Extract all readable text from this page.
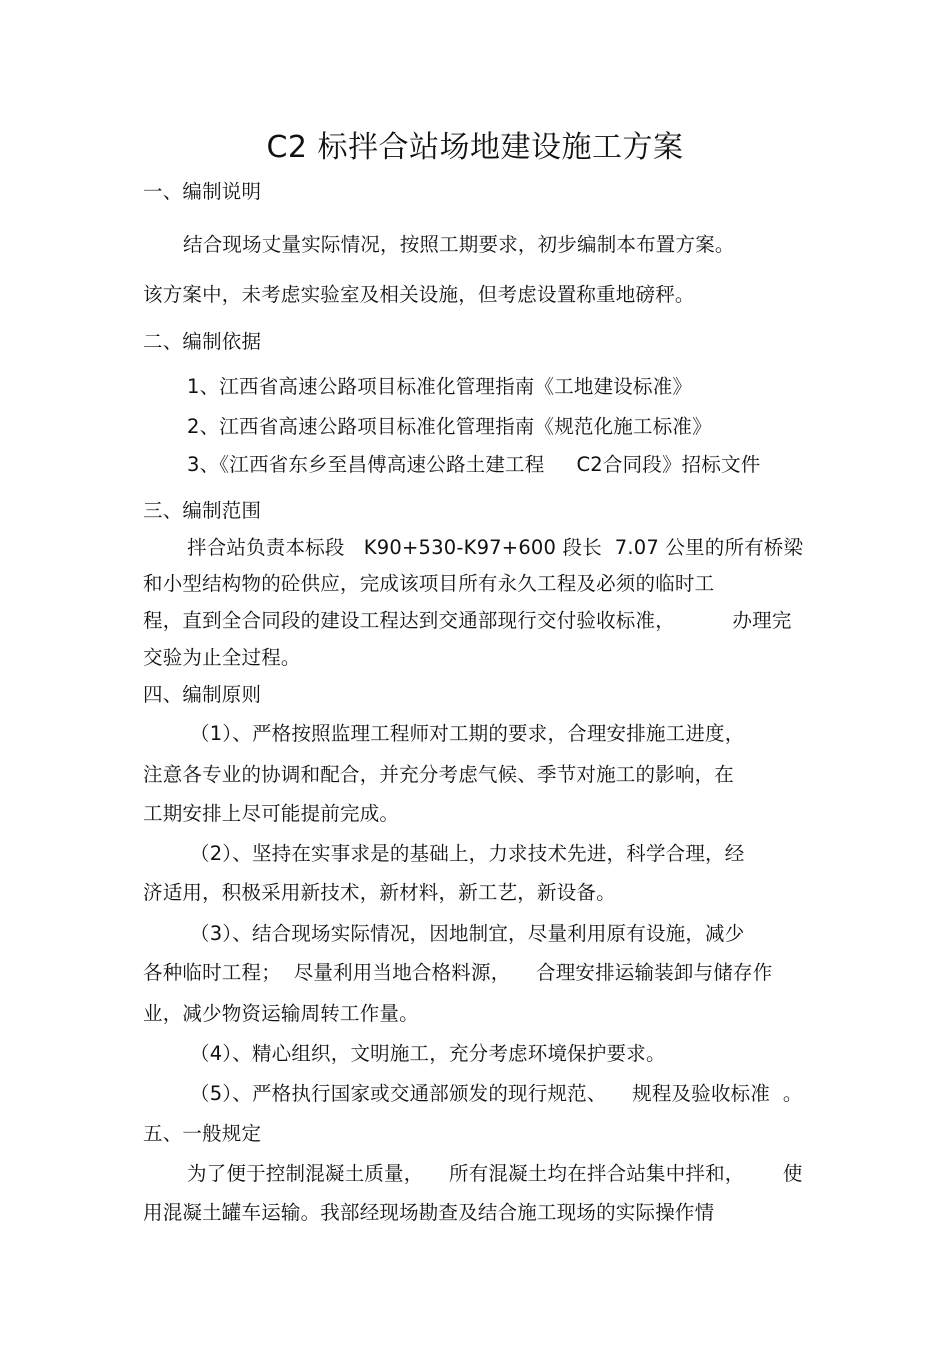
C2 标拌合站场地建设施工方案
一、编制说明
结合现场丈量实际情况，按照工期要求，初步编制本布置方案。
该方案中，未考虑实验室及相关设施，但考虑设置称重地磅秤。
二、编制依据
1、江西省高速公路项目标准化管理指南《工地建设标准》
2、江西省高速公路项目标准化管理指南《规范化施工标准》
3、《江西省东乡至昌傅高速公路土建工程     C2合同段》招标文件
三、编制范围
拌合站负责本标段   K90+530-K97+600 段长  7.07 公里的所有桥梁
和小型结构物的砼供应，完成该项目所有永久工程及必须的临时工
程，直到全合同段的建设工程达到交通部现行交付验收标准，         办理完
交验为止全过程。
四、编制原则
（1）、严格按照监理工程师对工期的要求，合理安排施工进度，
注意各专业的协调和配合，并充分考虑气候、季节对施工的影响，在
工期安排上尽可能提前完成。
（2）、坚持在实事求是的基础上，力求技术先进，科学合理，经
济适用，积极采用新技术，新材料，新工艺，新设备。
（3）、结合现场实际情况，因地制宜，尽量利用原有设施，减少
各种临时工程；  尽量利用当地合格料源，    合理安排运输装卸与储存作
业，减少物资运输周转工作量。
（4）、精心组织，文明施工，充分考虑环境保护要求。
（5）、严格执行国家或交通部颁发的现行规范、    规程及验收标准  。
五、一般规定
为了便于控制混凝土质量，    所有混凝土均在拌合站集中拌和，      使
用混凝土罐车运输。我部经现场勘查及结合施工现场的实际操作情
